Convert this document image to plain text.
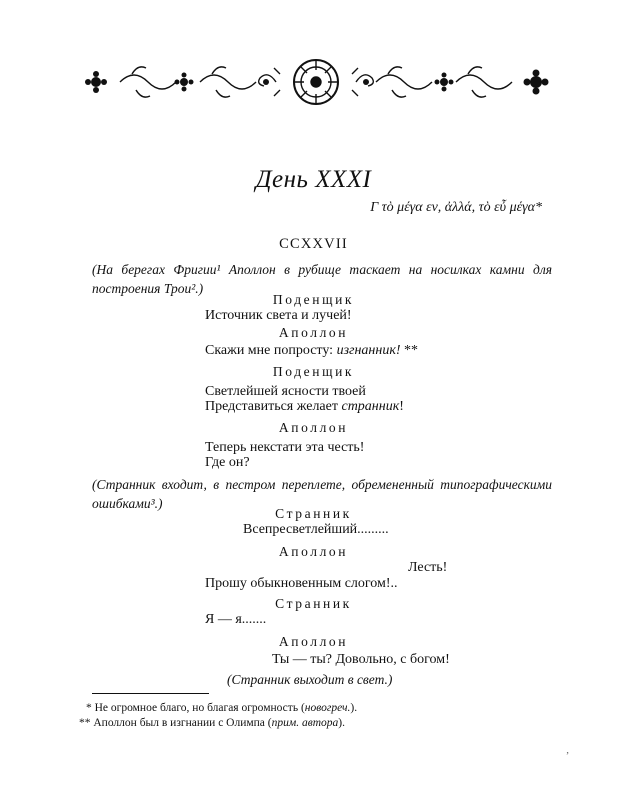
День XXXI
Γ τὸ μέγα εν, ἀλλά, τὸ εὖ μέγα*
CCXXVII
(На берегах Фригии¹ Аполлон в рубище таскает на носилках камни для построения Трои².)
Поденщик
Источник света и лучей!
Аполлон
Скажи мне попросту: изгнанник! **
Поденщик
Светлейшей ясности твоей
Представиться желает странник!
Аполлон
Теперь некстати эта честь!
Где он?
(Странник входит, в пестром переплете, обремененный типографическими ошибками³.)
Странник
Всепресветлейший.........
Аполлон
Лесть!
Прошу обыкновенным слогом!..
Странник
Я — я.......
Аполлон
Ты — ты? Довольно, с богом!
(Странник выходит в свет.)
* Не огромное благо, но благая огромность (новогреч.).
** Аполлон был в изгнании с Олимпа (прим. автора).
,
